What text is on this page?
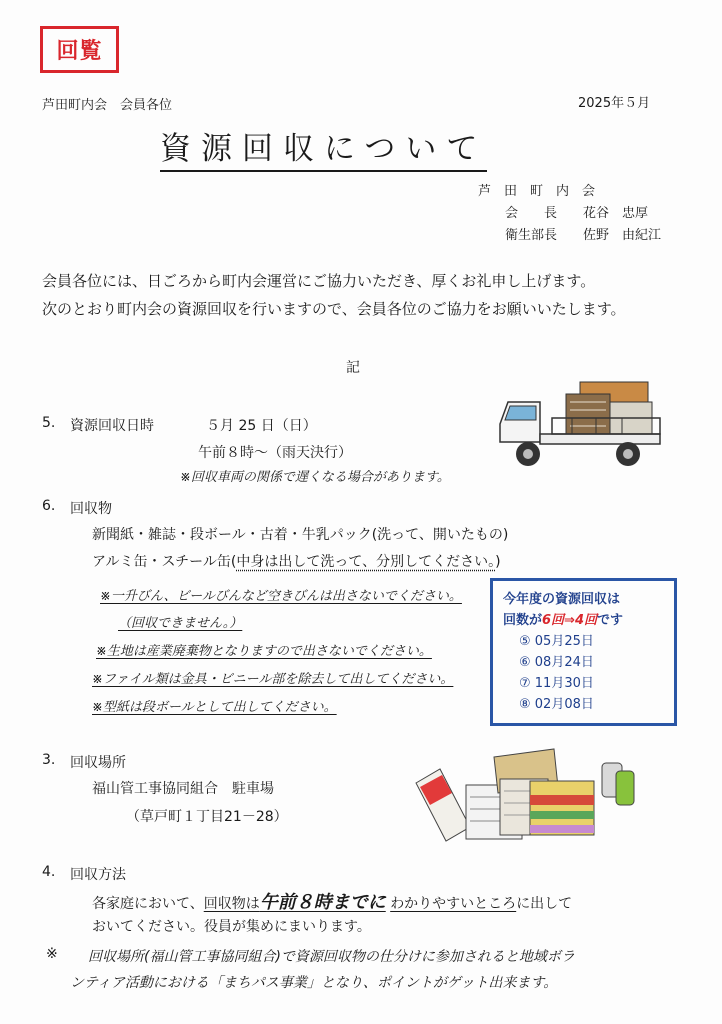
回覧
芦田町内会　会員各位	2025年５月
資源回収について
芦　田　町　内　会
会　　長　　花谷　忠厚
衛生部長　　佐野　由紀江
会員各位には、日ごろから町内会運営にご協力いただき、厚くお礼申し上げます。
次のとおり町内会の資源回収を行いますので、会員各位のご協力をお願いいたします。
記
5. 資源回収日時	５月 25 日（日）
午前８時～（雨天決行）
※回収車両の関係で遅くなる場合があります。
6. 回収物
新聞紙・雑誌・段ボール・古着・牛乳パック(洗って、開いたもの)
アルミ缶・スチール缶(中身は出して洗って、分別してください。)
※一升びん、ビールびんなど空きびんは出さないでください。
（回収できません。）
※生地は産業廃棄物となりますので出さないでください。
※ファイル類は金具・ビニール部を除去して出してください。
※型紙は段ボールとして出してください。
今年度の資源回収は
回数が6回⇒4回です
⑤ 05月25日
⑥ 08月24日
⑦ 11月30日
⑧ 02月08日
3. 回収場所
福山管工事協同組合　駐車場
（草戸町１丁目21－28）
4. 回収方法
各家庭において、回収物は午前８時までに わかりやすいところに出して
おいてください。役員が集めにまいります。
※ 回収場所(福山管工事協同組合)で資源回収物の仕分けに参加されると地域ボラ
ンティア活動における「まちパス事業」となり、ポイントがゲット出来ます。
